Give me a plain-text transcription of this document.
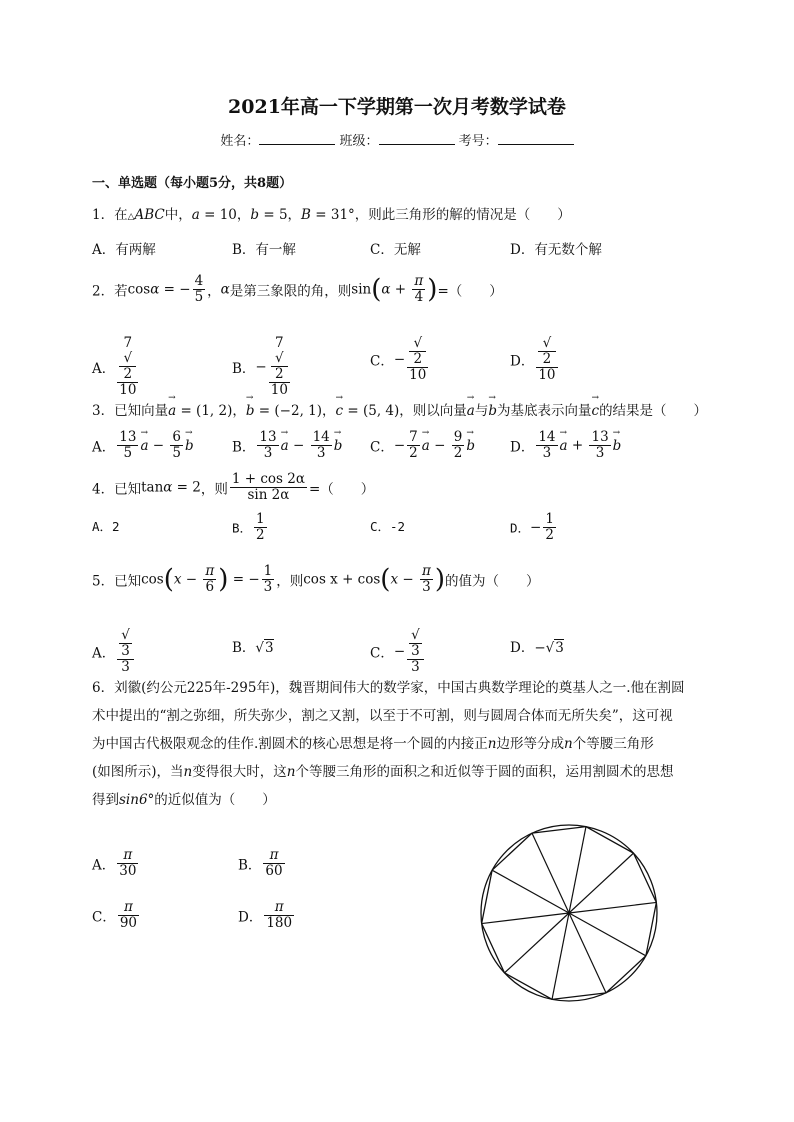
2021年高一下学期第一次月考数学试卷
姓名：	班级：	考号：
一、单选题（每小题5分，共8题）
1．在△ABC中，a = 10，b = 5，B = 31°，则此三角形的解的情况是（　　）
A．有两解	B．有一解	C．无解	D．有无数个解
2．若cosα = − $\frac{4}{5}$ ，α是第三象限的角，则$\sin(\alpha + \frac{\pi}{4}$ )=（　　）
A． 7
√
2
10	B．− 7
√
2
10	C．− √
2
10	D． √
2
10
3．已知向量a
→
= (1, 2)，b
→
= (−2, 1)，c
→
= (5, 4)，则以向量a
→
与b
→
为基底表示向量c
→
的结果是（　　）
A． $\frac{13}{5}$ a
→
− $\frac{6}{5}$ b
→
B． $\frac{13}{3}$ a
→
− $\frac{14}{3}$ b
→
C．− $\frac{7}{2}$ a
→
− $\frac{9}{2}$ b
→
D． $\frac{14}{3}$ a
→
+ $\frac{13}{3}$ b
→
4．已知tanα = 2，则 $\frac{1 + \cos 2\alpha}{\sin 2\alpha}$ =（　　）
A．2	B． $\frac{1}{2}$	C．-2	D．− $\frac{1}{2}$
5．已知$\cos(x - \frac{\pi}{6}$ ) = − $\frac{1}{3}$ ，则$\cos x + \cos(x - \frac{\pi}{3}$ )的值为（　　）
A． √
3
3	B．√3	C．− √
3
3	D．−√3
6．刘徽(约公元225年-295年)，魏晋期间伟大的数学家，中国古典数学理论的奠基人之一.他在割圆
术中提出的“割之弥细，所失弥少，割之又割，以至于不可割，则与圆周合体而无所失矣”，这可视
为中国古代极限观念的佳作.割圆术的核心思想是将一个圆的内接正n边形等分成n个等腰三角形
(如图所示)，当n变得很大时，这n个等腰三角形的面积之和近似等于圆的面积，运用割圆术的思想
得到sin6°的近似值为（　　）
A． $\frac{\pi}{30}$	B． $\frac{\pi}{60}$
C． $\frac{\pi}{90}$	D． $\frac{\pi}{180}$
